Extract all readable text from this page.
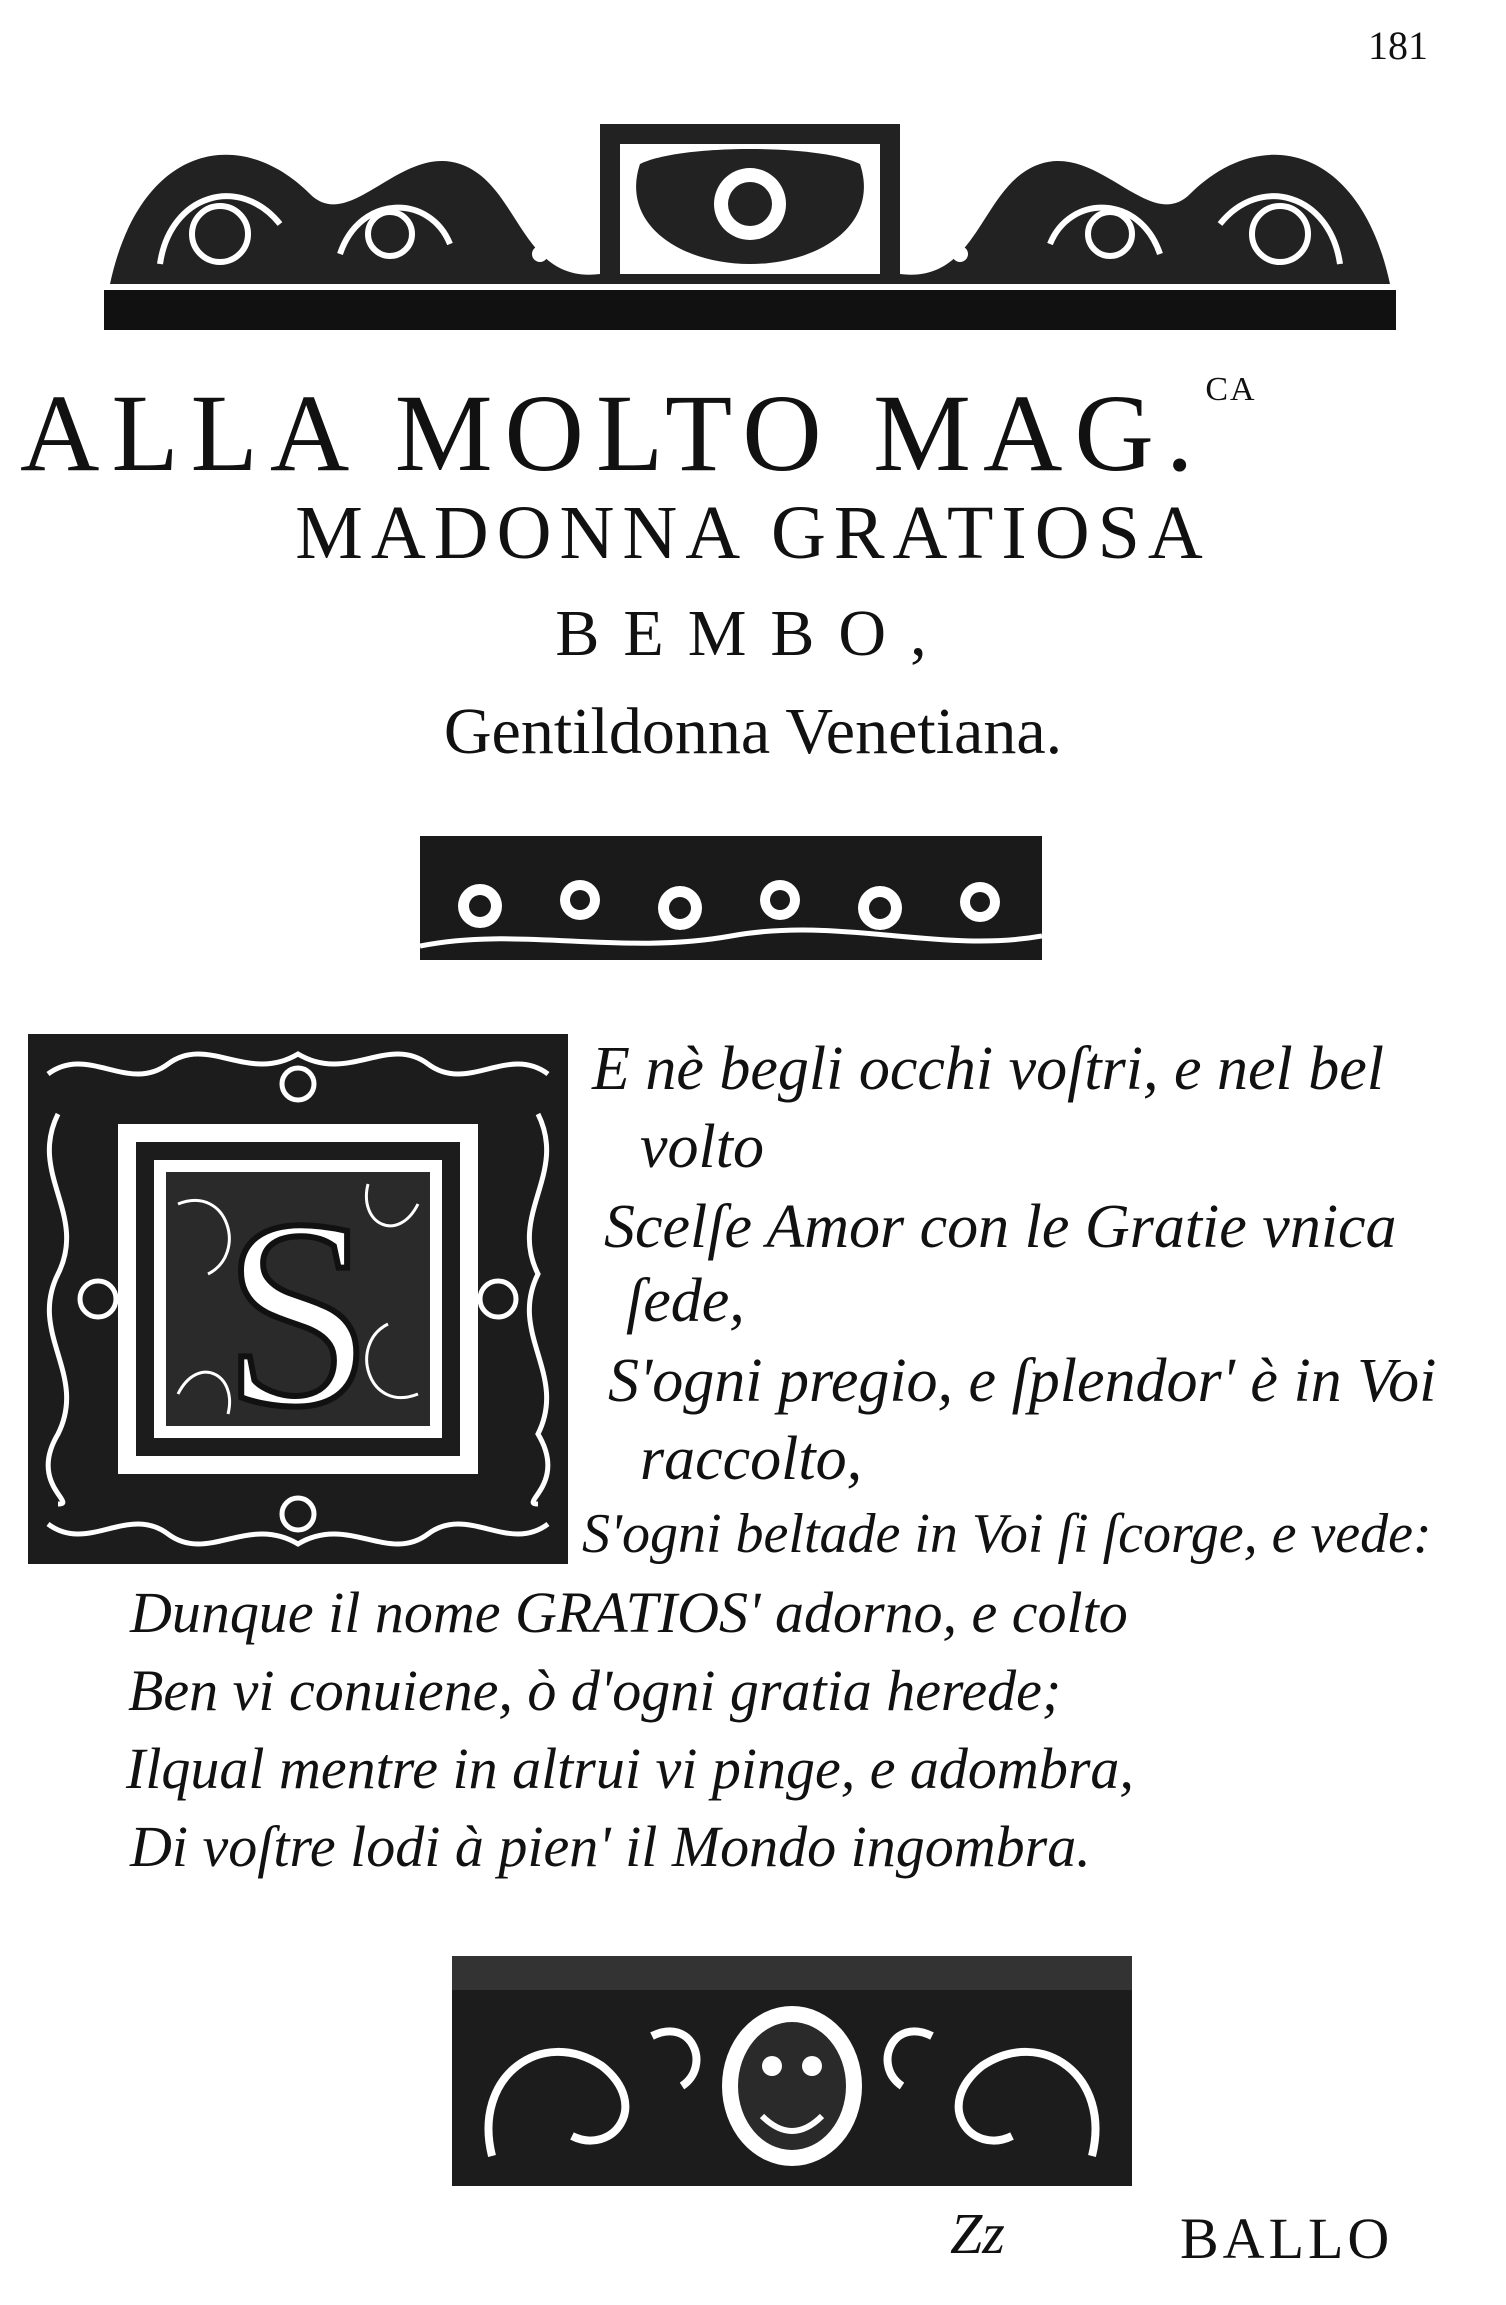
181
ALLA MOLTO MAG.$^{CA}$
MADONNA GRATIOSA
BEMBO,
Gentildonna Venetiana.
S
E nè begli occhi voſtri, e nel bel
volto
Scelſe Amor con le Gratie vnica
ſede,
S'ogni pregio, e ſplendor' è in Voi
raccolto,
S'ogni beltade in Voi ſi ſcorge, e vede:
Dunque il nome GRATIOS' adorno, e colto
Ben vi conuiene, ò d'ogni gratia herede;
Ilqual mentre in altrui vi pinge, e adombra,
Di voſtre lodi à pien' il Mondo ingombra.
Zz	BALLO
